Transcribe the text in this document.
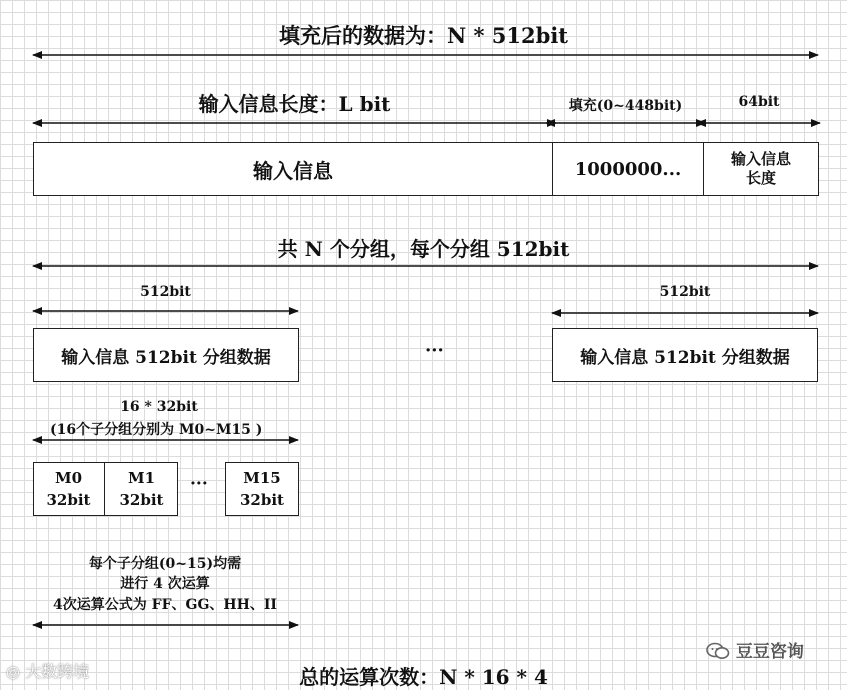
填充后的数据为：N * 512bit
输入信息长度：L bit	填充(0~448bit)	64bit
输入信息	1000000...	输入信息
长度
共 N 个分组，每个分组 512bit
512bit	512bit
输入信息 512bit 分组数据	···	输入信息 512bit 分组数据
16 * 32bit
(16个子分组分别为 M0~M15 )
M0
32bit
M1
32bit
··· M15
32bit
每个子分组(0~15)均需
进行 4 次运算
4次运算公式为 FF、GG、HH、II
总的运算次数：N * 16 * 4
◎ 大数跨境
豆豆咨询
